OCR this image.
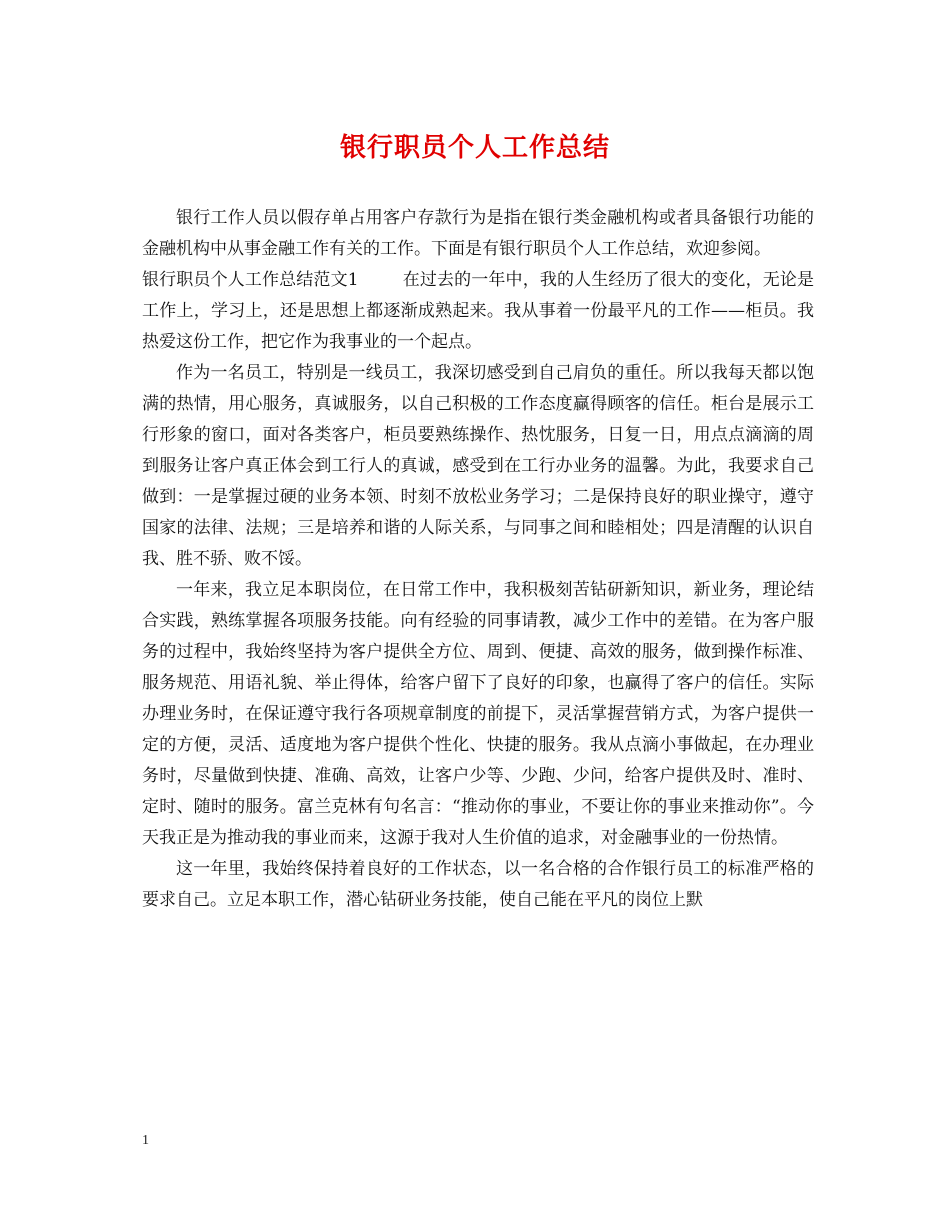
银行职员个人工作总结

银行工作人员以假存单占用客户存款行为是指在银行类金融机构或者具备银行功能的金融机构中从事金融工作有关的工作。下面是有银行职员个人工作总结，欢迎参阅。

银行职员个人工作总结范文1	在过去的一年中，我的人生经历了很大的变化，无论是工作上，学习上，还是思想上都逐渐成熟起来。我从事着一份最平凡的工作——柜员。我热爱这份工作，把它作为我事业的一个起点。

作为一名员工，特别是一线员工，我深切感受到自己肩负的重任。所以我每天都以饱满的热情，用心服务，真诚服务，以自己积极的工作态度赢得顾客的信任。柜台是展示工行形象的窗口，面对各类客户，柜员要熟练操作、热忱服务，日复一日，用点点滴滴的周到服务让客户真正体会到工行人的真诚，感受到在工行办业务的温馨。为此，我要求自己做到：一是掌握过硬的业务本领、时刻不放松业务学习；二是保持良好的职业操守，遵守国家的法律、法规；三是培养和谐的人际关系，与同事之间和睦相处；四是清醒的认识自我、胜不骄、败不馁。

一年来，我立足本职岗位，在日常工作中，我积极刻苦钻研新知识，新业务，理论结合实践，熟练掌握各项服务技能。向有经验的同事请教，减少工作中的差错。在为客户服务的过程中，我始终坚持为客户提供全方位、周到、便捷、高效的服务，做到操作标准、服务规范、用语礼貌、举止得体，给客户留下了良好的印象，也赢得了客户的信任。实际办理业务时，在保证遵守我行各项规章制度的前提下，灵活掌握营销方式，为客户提供一定的方便，灵活、适度地为客户提供个性化、快捷的服务。我从点滴小事做起，在办理业务时，尽量做到快捷、准确、高效，让客户少等、少跑、少问，给客户提供及时、准时、定时、随时的服务。富兰克林有句名言：“推动你的事业，不要让你的事业来推动你”。今天我正是为推动我的事业而来，这源于我对人生价值的追求，对金融事业的一份热情。

这一年里，我始终保持着良好的工作状态，以一名合格的合作银行员工的标准严格的要求自己。立足本职工作，潜心钻研业务技能，使自己能在平凡的岗位上默

1
